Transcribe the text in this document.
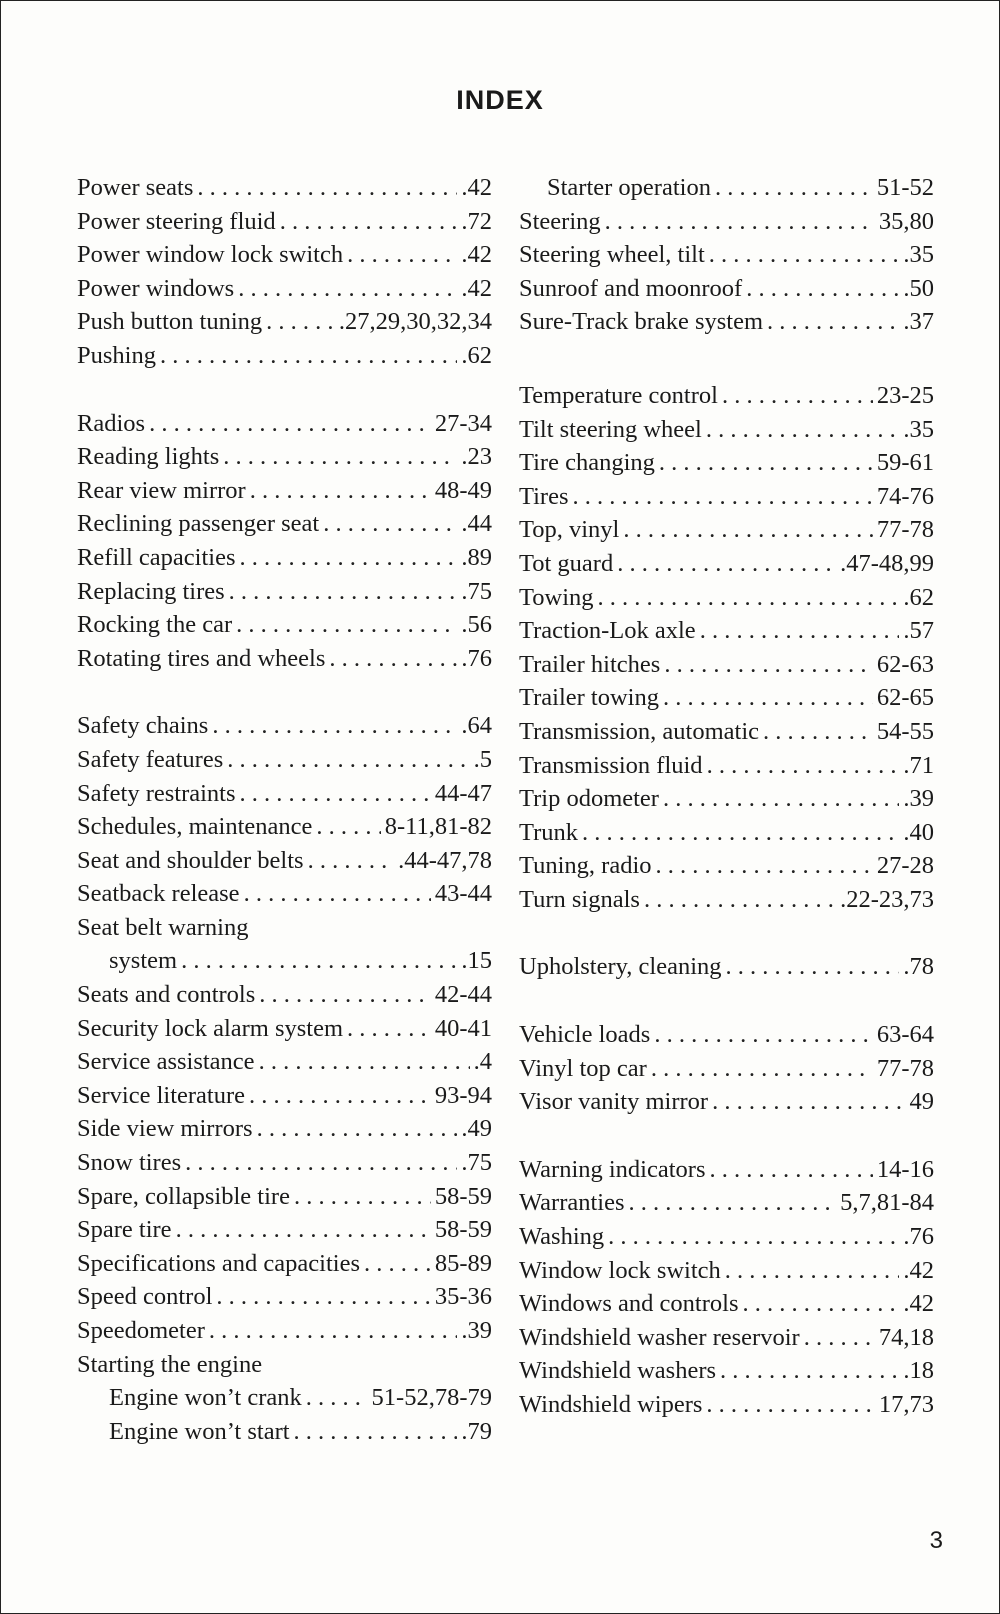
INDEX
Power seats . . .	.42
Power steering fluid . . .	.72
Power window lock switch . . .	.42
Power windows . . .	.42
Push button tuning . . .	.27,29,30,32,34
Pushing . . .	.62
Radios . . .	27-34
Reading lights . . .	.23
Rear view mirror . . .	48-49
Reclining passenger seat . . .	.44
Refill capacities . . .	.89
Replacing tires . . .	.75
Rocking the car . . .	.56
Rotating tires and wheels . . .	.76
Safety chains . . .	.64
Safety features . . .	.5
Safety restraints . . .	44-47
Schedules, maintenance . . .	8-11,81-82
Seat and shoulder belts . . .	.44-47,78
Seatback release . . .	43-44
Seat belt warning
system . . .	.15
Seats and controls . . .	42-44
Security lock alarm system . . .	40-41
Service assistance . . .	.4
Service literature . . .	93-94
Side view mirrors . . .	.49
Snow tires . . .	.75
Spare, collapsible tire . . .	58-59
Spare tire . . .	58-59
Specifications and capacities . . .	85-89
Speed control . . .	35-36
Speedometer . . .	.39
Starting the engine
Engine won’t crank . . .	51-52,78-79
Engine won’t start . . .	.79
Starter operation . . .	51-52
Steering . . .	35,80
Steering wheel, tilt . . .	.35
Sunroof and moonroof . . .	.50
Sure-Track brake system . . .	.37
Temperature control . . .	23-25
Tilt steering wheel . . .	.35
Tire changing . . .	59-61
Tires . . .	74-76
Top, vinyl . . .	77-78
Tot guard . . .	.47-48,99
Towing . . .	.62
Traction-Lok axle . . .	.57
Trailer hitches . . .	62-63
Trailer towing . . .	62-65
Transmission, automatic . . .	54-55
Transmission fluid . . .	.71
Trip odometer . . .	.39
Trunk . . .	.40
Tuning, radio . . .	27-28
Turn signals . . .	.22-23,73
Upholstery, cleaning . . .	.78
Vehicle loads . . .	63-64
Vinyl top car . . .	77-78
Visor vanity mirror . . .	49
Warning indicators . . .	14-16
Warranties . . .	5,7,81-84
Washing . . .	.76
Window lock switch . . .	.42
Windows and controls . . .	.42
Windshield washer reservoir . . .	74,18
Windshield washers . . .	.18
Windshield wipers . . .	17,73
3
